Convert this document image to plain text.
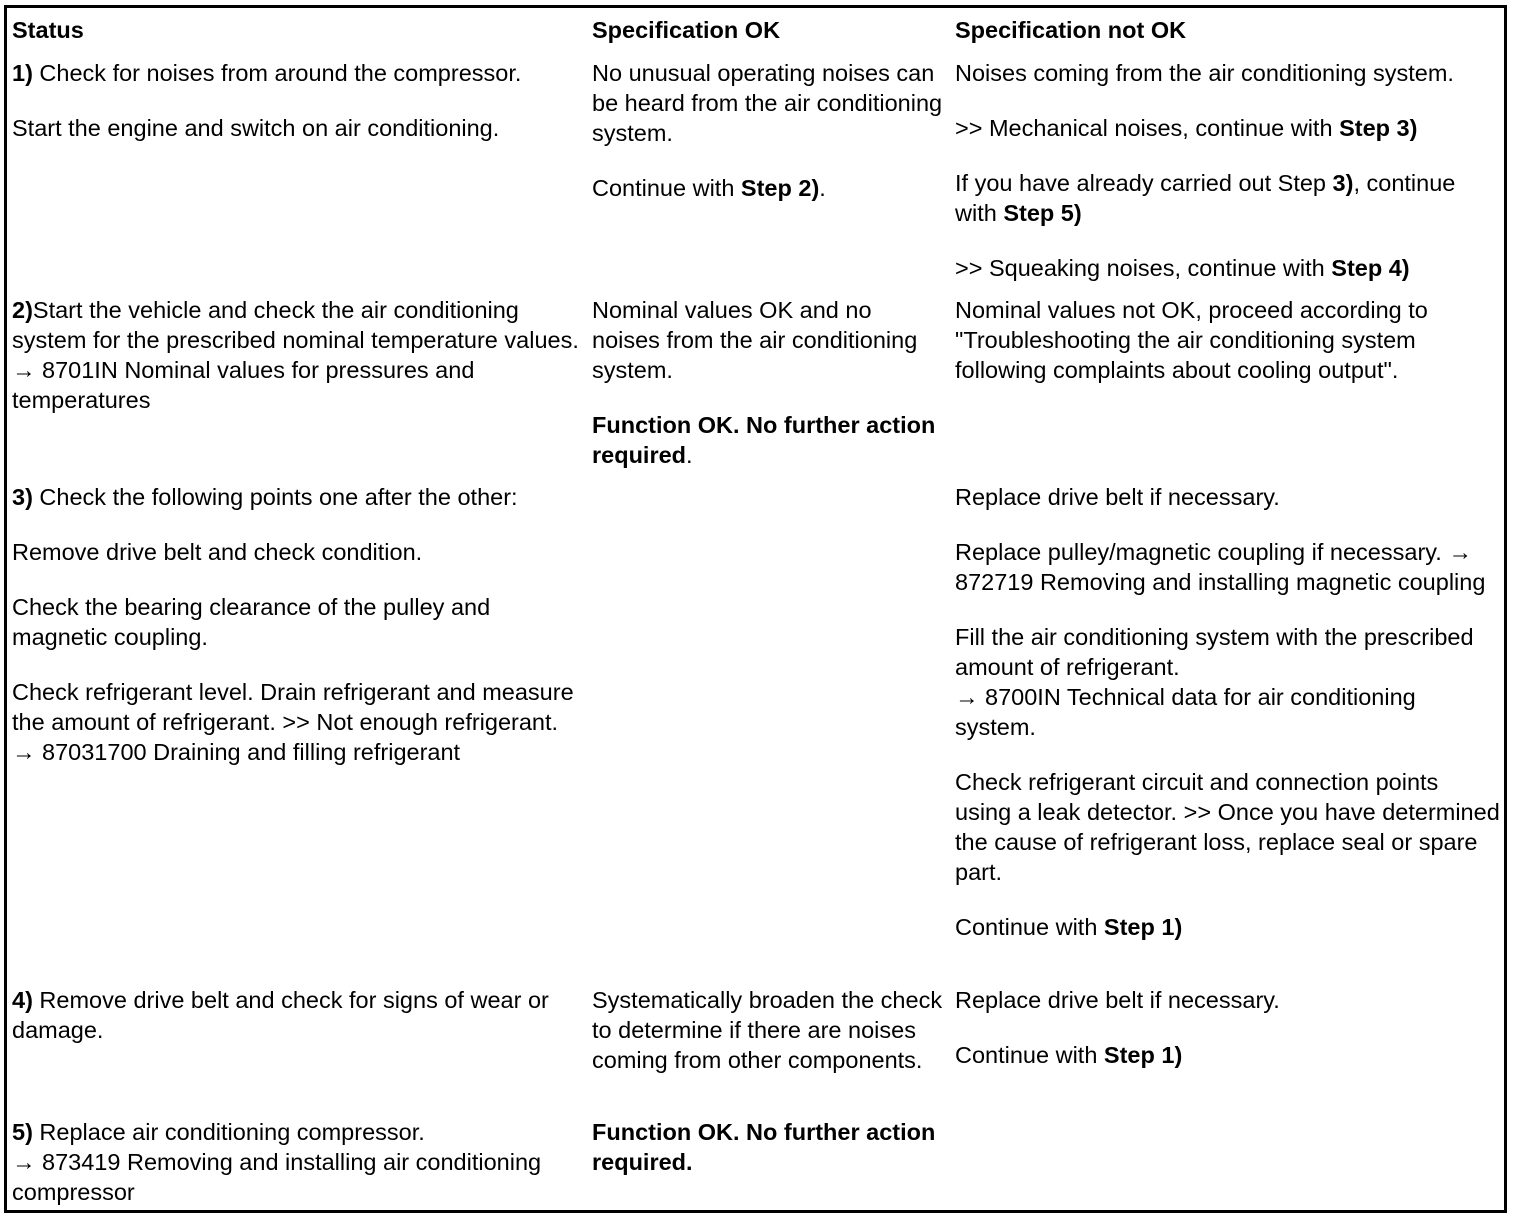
Status	Specification OK	Specification not OK

1) Check for noises from around the compressor.

Start the engine and switch on air conditioning.

No unusual operating noises can be heard from the air conditioning system.

Continue with Step 2).

Noises coming from the air conditioning system.

>> Mechanical noises, continue with Step 3)

If you have already carried out Step 3), continue with Step 5)

>> Squeaking noises, continue with Step 4)

2)Start the vehicle and check the air conditioning system for the prescribed nominal temperature values. → 8701IN Nominal values for pressures and temperatures

Nominal values OK and no noises from the air conditioning system.

Function OK. No further action required.

Nominal values not OK, proceed according to "Troubleshooting the air conditioning system following complaints about cooling output".

3) Check the following points one after the other:

Remove drive belt and check condition.

Check the bearing clearance of the pulley and magnetic coupling.

Check refrigerant level. Drain refrigerant and measure the amount of refrigerant. >> Not enough refrigerant. → 87031700 Draining and filling refrigerant

Replace drive belt if necessary.

Replace pulley/magnetic coupling if necessary. → 872719 Removing and installing magnetic coupling

Fill the air conditioning system with the prescribed amount of refrigerant.
→ 8700IN Technical data for air conditioning system.

Check refrigerant circuit and connection points using a leak detector. >> Once you have determined the cause of refrigerant loss, replace seal or spare part.

Continue with Step 1)

4) Remove drive belt and check for signs of wear or damage.

Systematically broaden the check to determine if there are noises coming from other components.

Replace drive belt if necessary.

Continue with Step 1)

5) Replace air conditioning compressor.
→ 873419 Removing and installing air conditioning compressor

Function OK. No further action required.
